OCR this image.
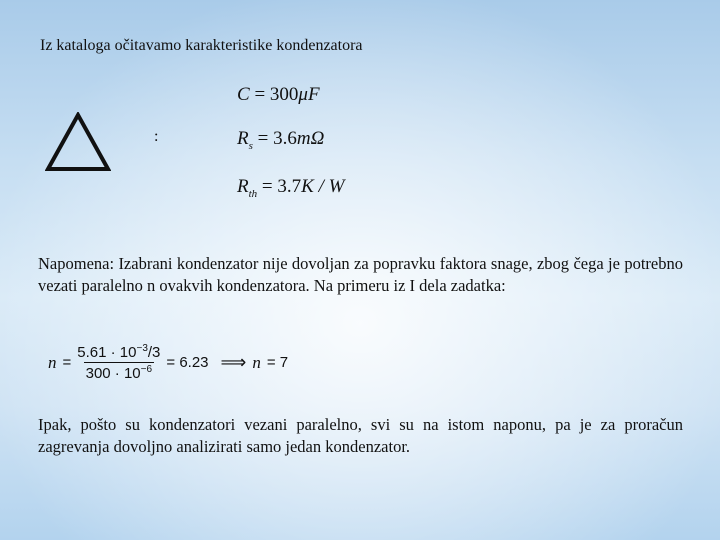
Iz kataloga očitavamo karakteristike kondenzatora
:
C = 300μF
$R_s = 3.6m\Omega$
$R_{th} = 3.7K / W$
Napomena: Izabrani kondenzator nije dovoljan za popravku faktora snage, zbog čega je potrebno vezati paralelno n ovakvih kondenzatora. Na primeru iz I dela zadatka:
$n = \frac{5.61 \cdot 10^{-3}/3}{300 \cdot 10^{-6}} = 6.23$ ⟹ n = 7
Ipak, pošto su kondenzatori vezani paralelno, svi su na istom naponu, pa je za proračun zagrevanja dovoljno analizirati samo jedan kondenzator.
